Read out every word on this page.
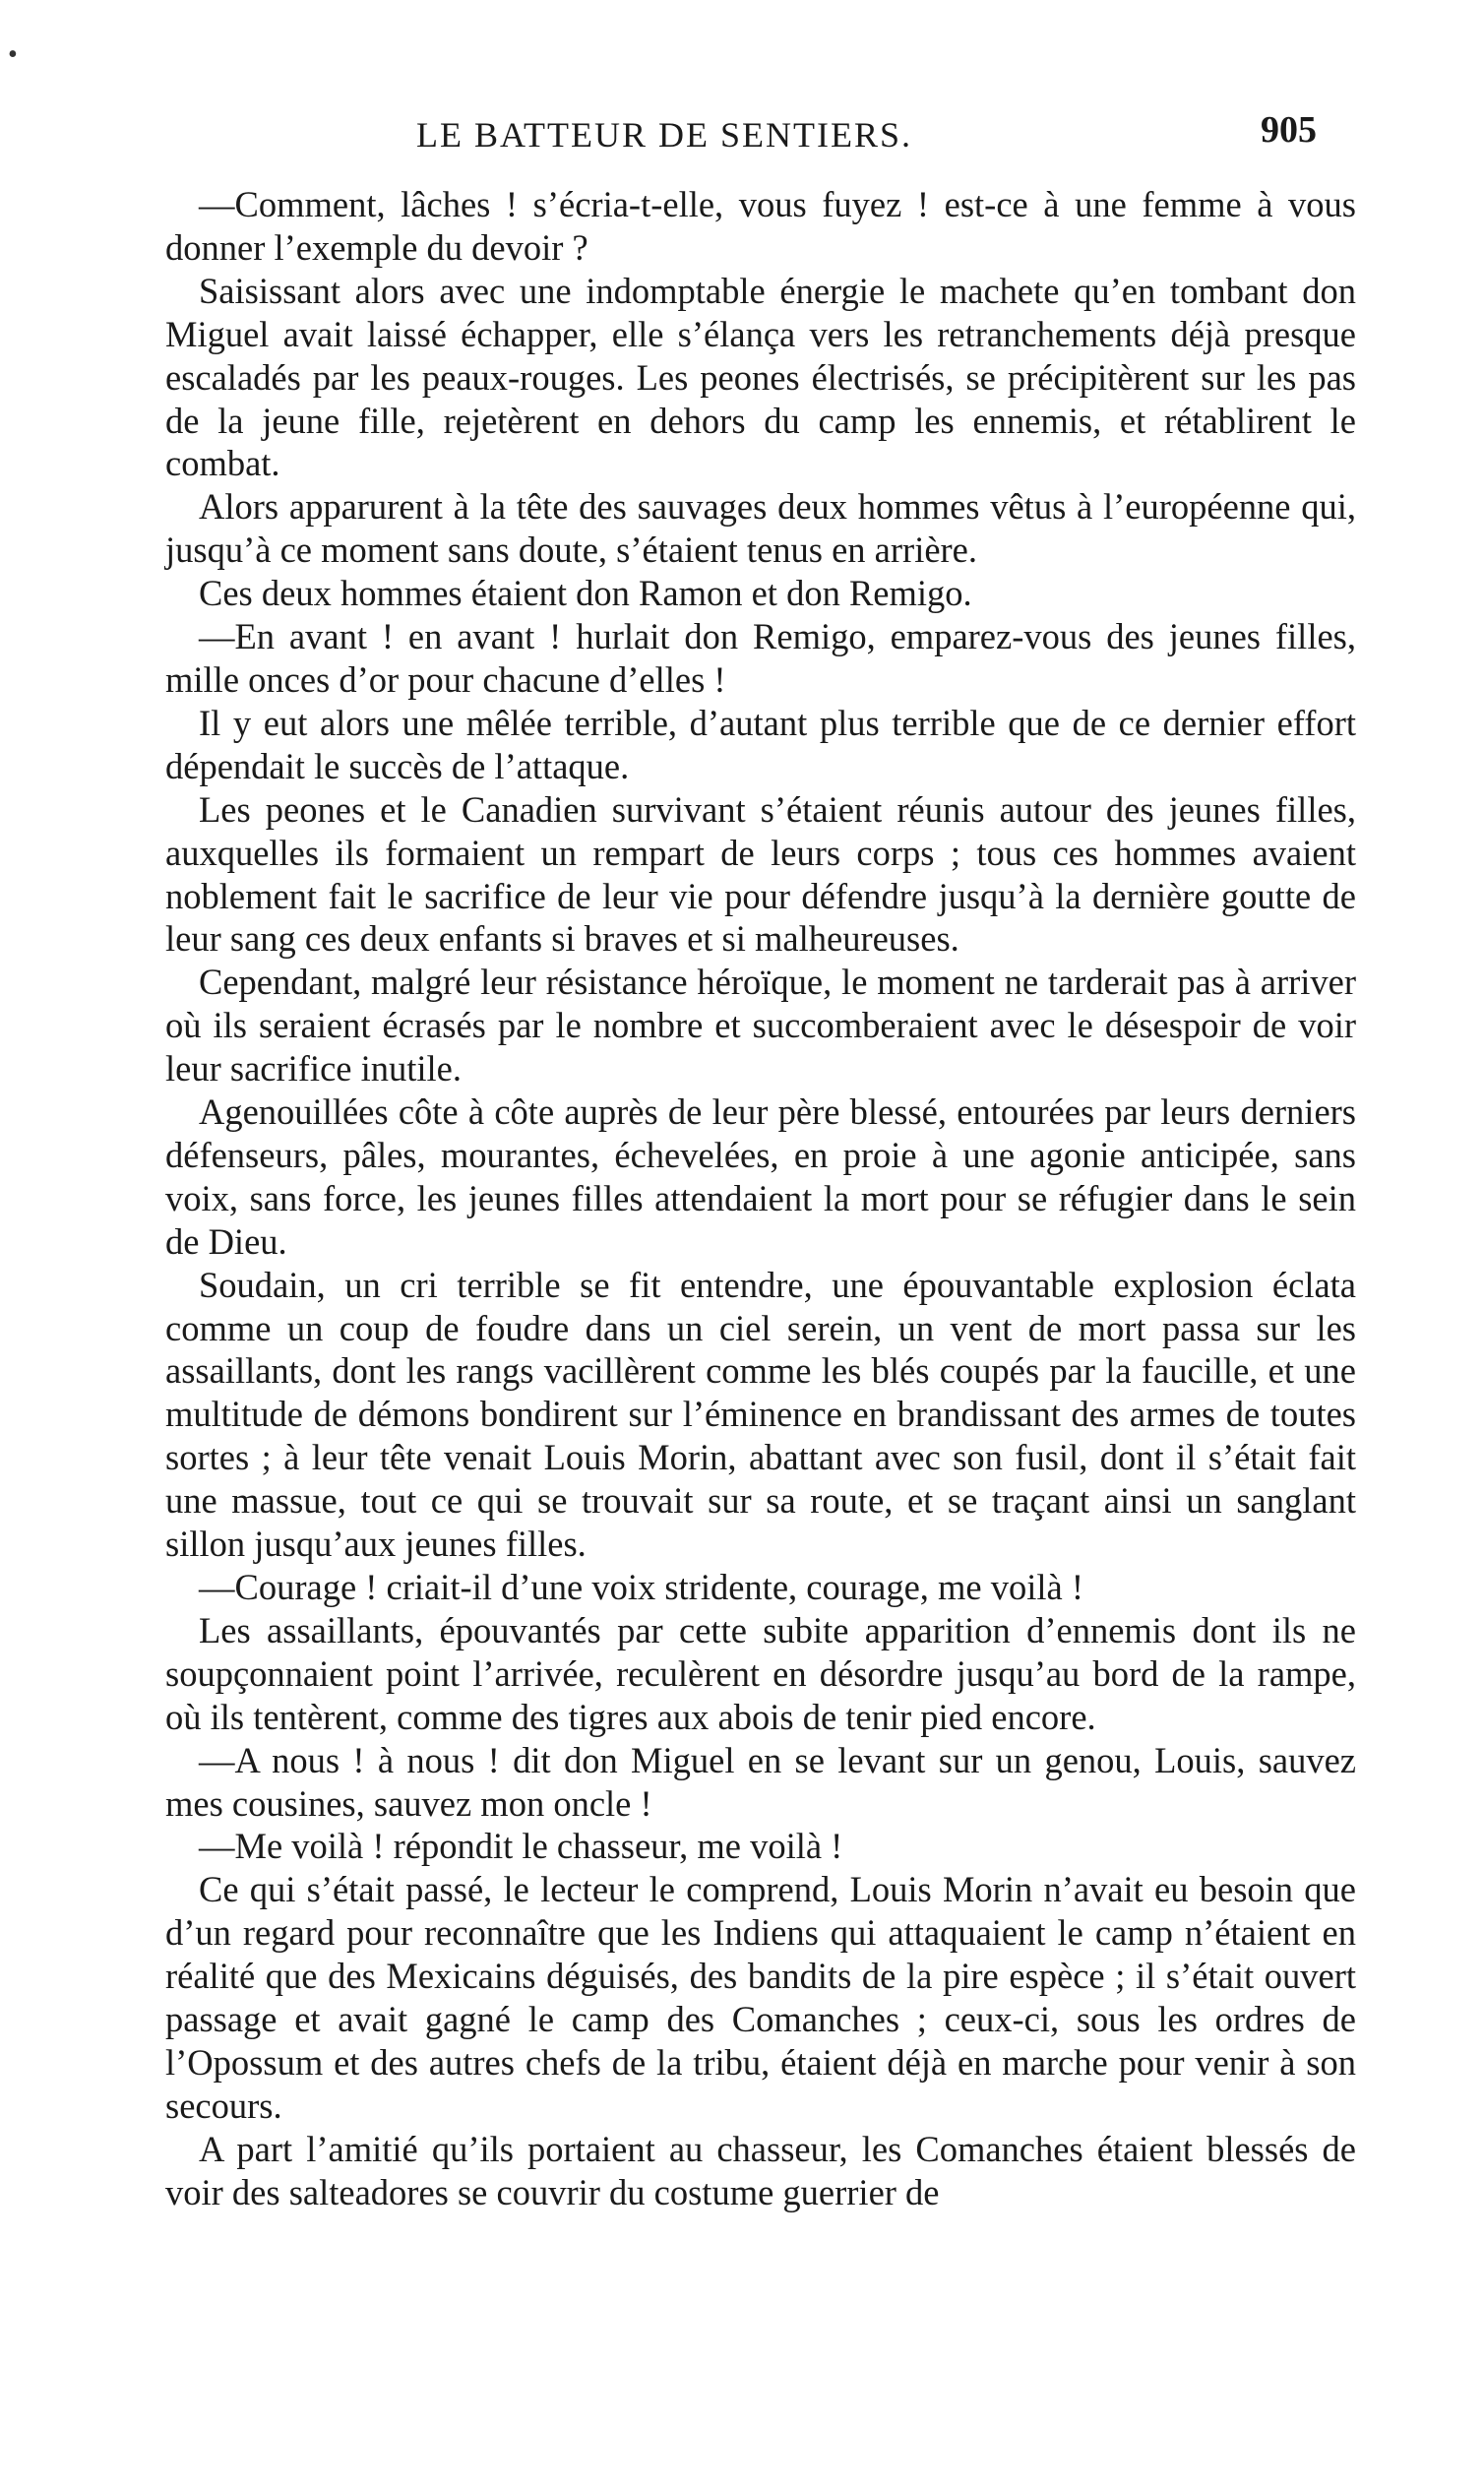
•
LE BATTEUR DE SENTIERS.	905

—Comment, lâches ! s’écria-t-elle, vous fuyez ! est-ce à une femme à vous donner l’exemple du devoir ?

Saisissant alors avec une indomptable énergie le machete qu’en tombant don Miguel avait laissé échapper, elle s’élança vers les retranchements déjà presque escaladés par les peaux-rouges. Les peones électrisés, se précipitèrent sur les pas de la jeune fille, rejetèrent en dehors du camp les ennemis, et rétablirent le combat.

Alors apparurent à la tête des sauvages deux hommes vêtus à l’européenne qui, jusqu’à ce moment sans doute, s’étaient tenus en arrière.

Ces deux hommes étaient don Ramon et don Remigo.

—En avant ! en avant ! hurlait don Remigo, emparez-vous des jeunes filles, mille onces d’or pour chacune d’elles !

Il y eut alors une mêlée terrible, d’autant plus terrible que de ce dernier effort dépendait le succès de l’attaque.

Les peones et le Canadien survivant s’étaient réunis autour des jeunes filles, auxquelles ils formaient un rempart de leurs corps ; tous ces hommes avaient noblement fait le sacrifice de leur vie pour défendre jusqu’à la dernière goutte de leur sang ces deux enfants si braves et si malheureuses.

Cependant, malgré leur résistance héroïque, le moment ne tarderait pas à arriver où ils seraient écrasés par le nombre et succomberaient avec le désespoir de voir leur sacrifice inutile.

Agenouillées côte à côte auprès de leur père blessé, entourées par leurs derniers défenseurs, pâles, mourantes, échevelées, en proie à une agonie anticipée, sans voix, sans force, les jeunes filles attendaient la mort pour se réfugier dans le sein de Dieu.

Soudain, un cri terrible se fit entendre, une épouvantable explosion éclata comme un coup de foudre dans un ciel serein, un vent de mort passa sur les assaillants, dont les rangs vacillèrent comme les blés coupés par la faucille, et une multitude de démons bondirent sur l’éminence en brandissant des armes de toutes sortes ; à leur tête venait Louis Morin, abattant avec son fusil, dont il s’était fait une massue, tout ce qui se trouvait sur sa route, et se traçant ainsi un sanglant sillon jusqu’aux jeunes filles.

—Courage ! criait-il d’une voix stridente, courage, me voilà !

Les assaillants, épouvantés par cette subite apparition d’ennemis dont ils ne soupçonnaient point l’arrivée, reculèrent en désordre jusqu’au bord de la rampe, où ils tentèrent, comme des tigres aux abois de tenir pied encore.

—A nous ! à nous ! dit don Miguel en se levant sur un genou, Louis, sauvez mes cousines, sauvez mon oncle !

—Me voilà ! répondit le chasseur, me voilà !

Ce qui s’était passé, le lecteur le comprend, Louis Morin n’avait eu besoin que d’un regard pour reconnaître que les Indiens qui attaquaient le camp n’étaient en réalité que des Mexicains déguisés, des bandits de la pire espèce ; il s’était ouvert passage et avait gagné le camp des Comanches ; ceux-ci, sous les ordres de l’Opossum et des autres chefs de la tribu, étaient déjà en marche pour venir à son secours.

A part l’amitié qu’ils portaient au chasseur, les Comanches étaient blessés de voir des salteadores se couvrir du costume guerrier de
